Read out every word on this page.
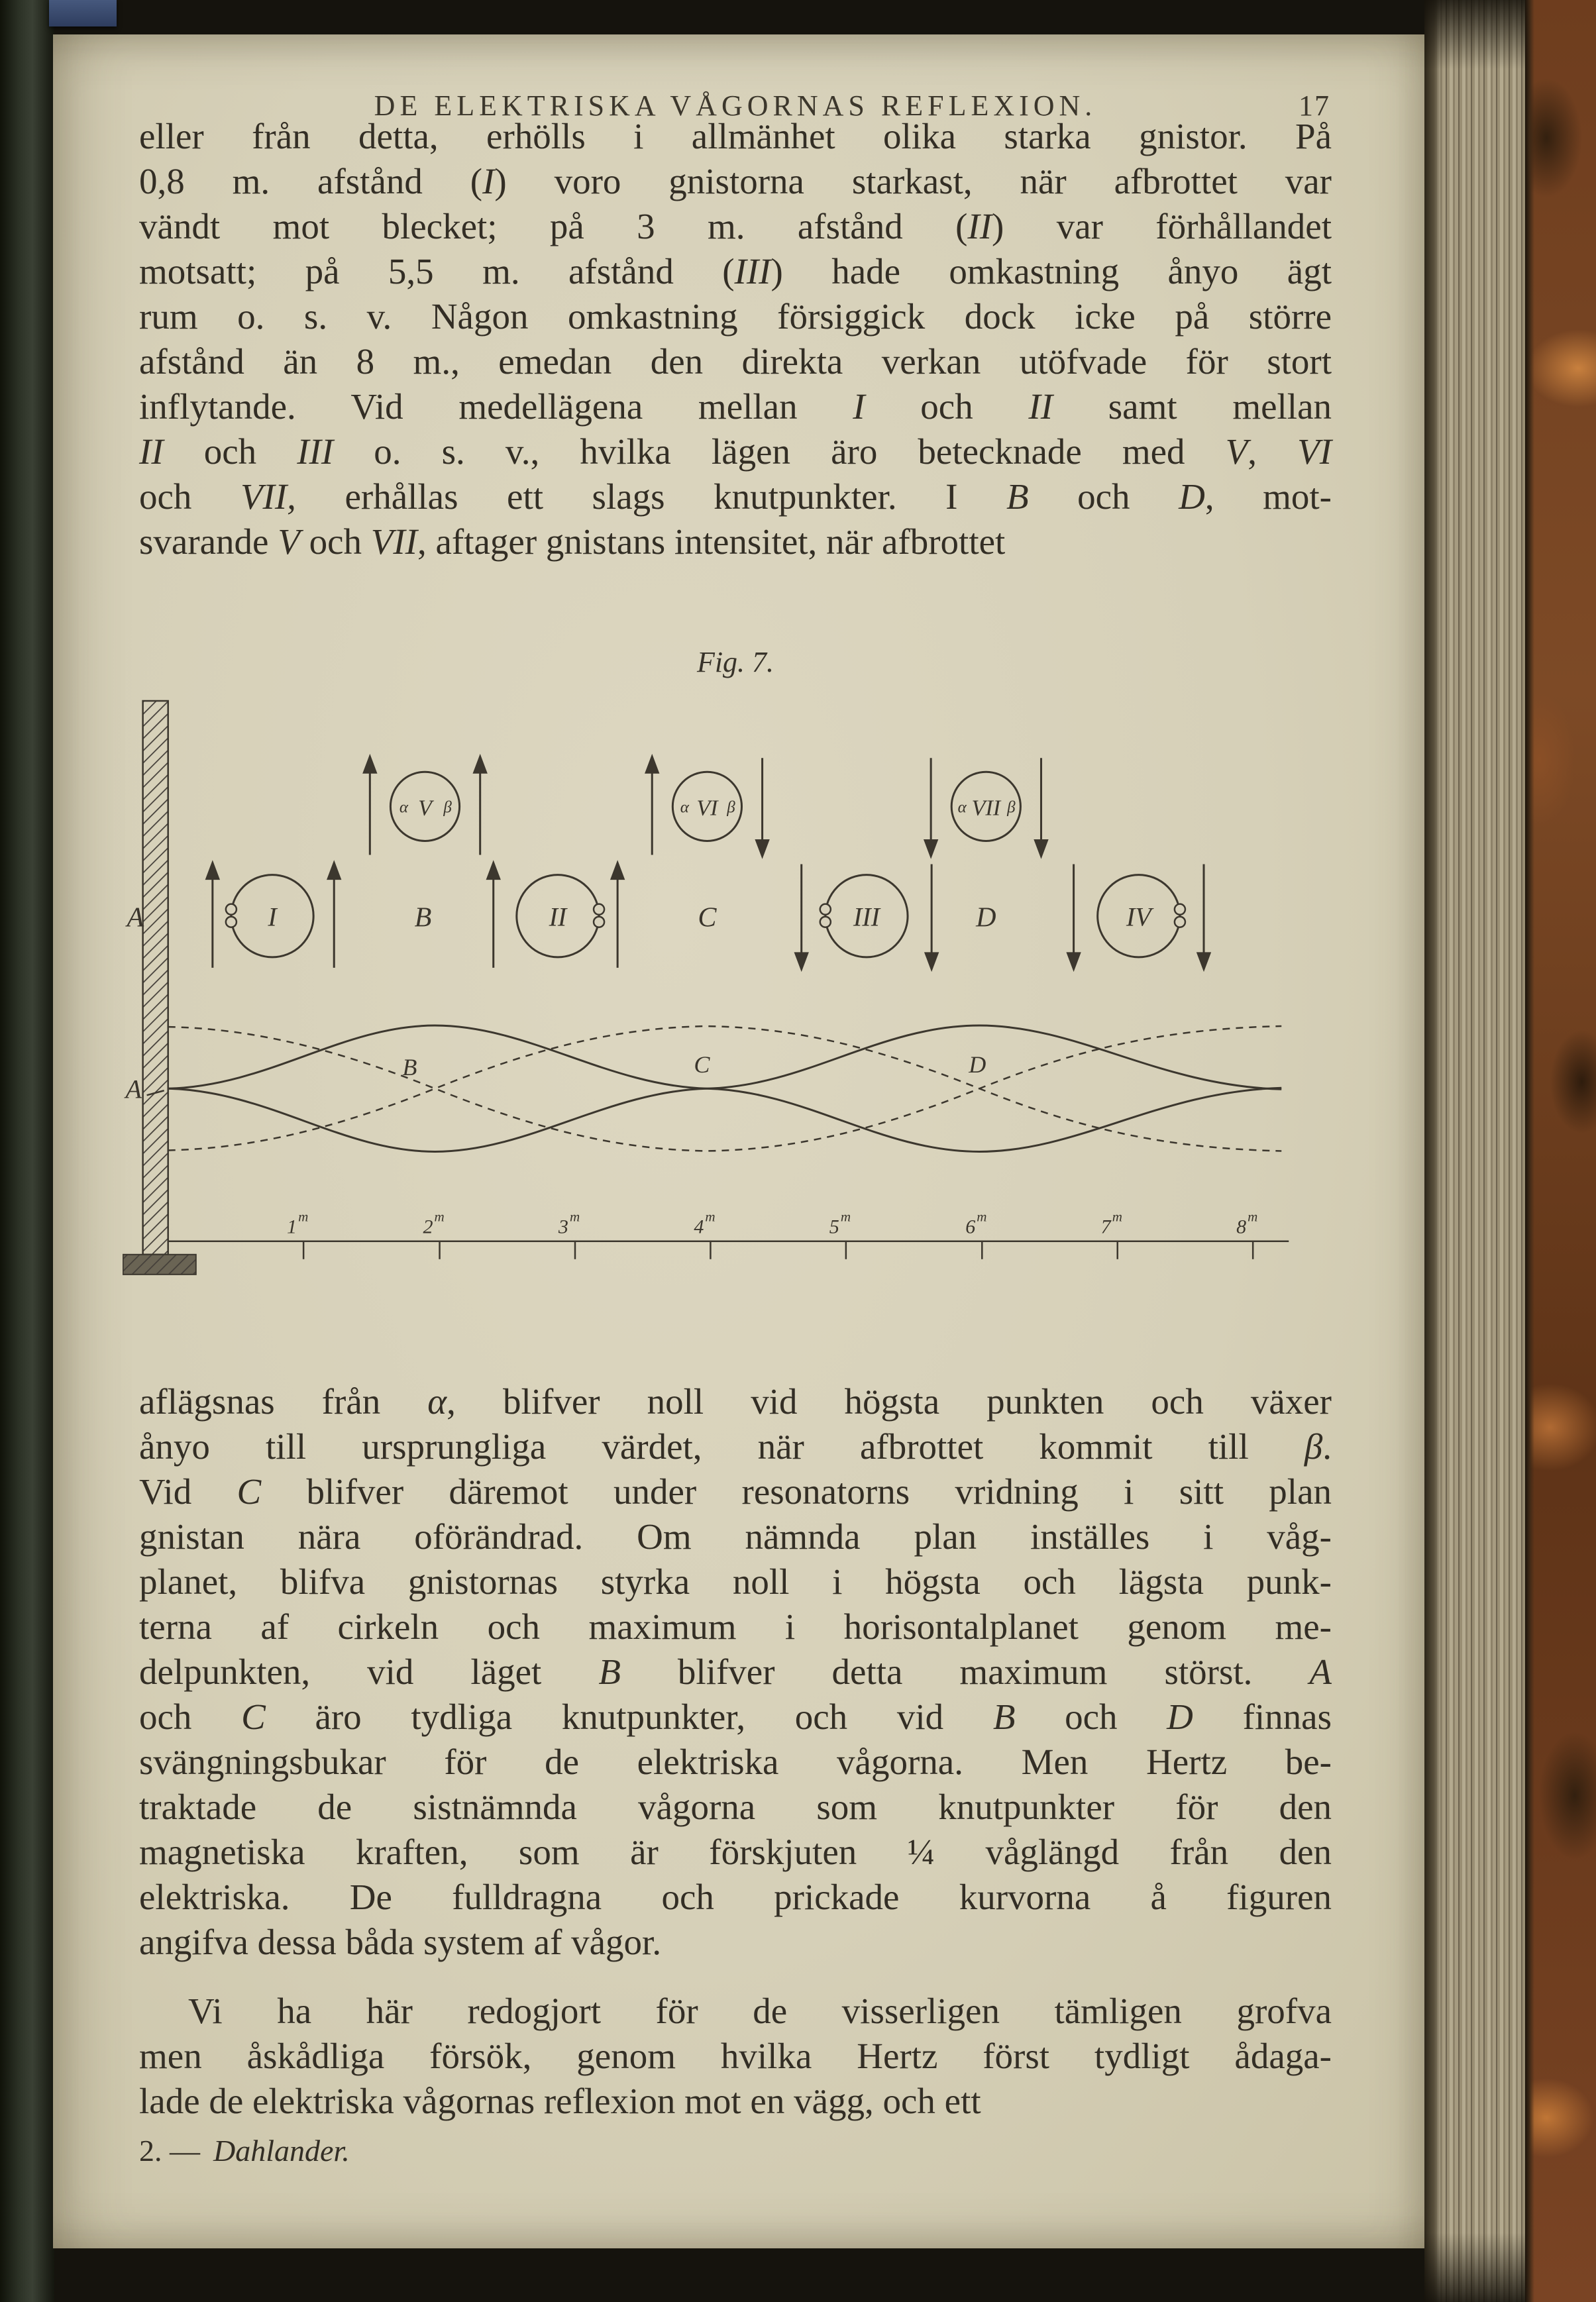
DE ELEKTRISKA VÅGORNAS REFLEXION.	17
eller från detta, erhölls i allmänhet olika starka gnistor. På
0,8 m. afstånd (I) voro gnistorna starkast, när afbrottet var
vändt mot blecket; på 3 m. afstånd (II) var förhållandet
motsatt; på 5,5 m. afstånd (III) hade omkastning ånyo ägt
rum o. s. v. Någon omkastning försiggick dock icke på större
afstånd än 8 m., emedan den direkta verkan utöfvade för stort
inflytande. Vid medellägena mellan I och II samt mellan
II och III o. s. v., hvilka lägen äro betecknade med V, VI
och VII, erhållas ett slags knutpunkter. I B och D, mot-
svarande V och VII, aftager gnistans intensitet, när afbrottet
Fig. 7.
α V β	α VI β	α VII β
A	I	B	II	C	III	D	IV
A
B	C	D
1 m	2 m	3 m	4 m	5 m	6 m	7 m	8 m
aflägsnas från α, blifver noll vid högsta punkten och växer
ånyo till ursprungliga värdet, när afbrottet kommit till β.
Vid C blifver däremot under resonatorns vridning i sitt plan
gnistan nära oförändrad. Om nämnda plan inställes i våg-
planet, blifva gnistornas styrka noll i högsta och lägsta punk-
terna af cirkeln och maximum i horisontalplanet genom me-
delpunkten, vid läget B blifver detta maximum störst. A
och C äro tydliga knutpunkter, och vid B och D finnas
svängningsbukar för de elektriska vågorna. Men Hertz be-
traktade de sistnämnda vågorna som knutpunkter för den
magnetiska kraften, som är förskjuten ¼ våglängd från den
elektriska. De fulldragna och prickade kurvorna å figuren
angifva dessa båda system af vågor.
Vi ha här redogjort för de visserligen tämligen grofva
men åskådliga försök, genom hvilka Hertz först tydligt ådaga-
lade de elektriska vågornas reflexion mot en vägg, och ett
2. — Dahlander.
